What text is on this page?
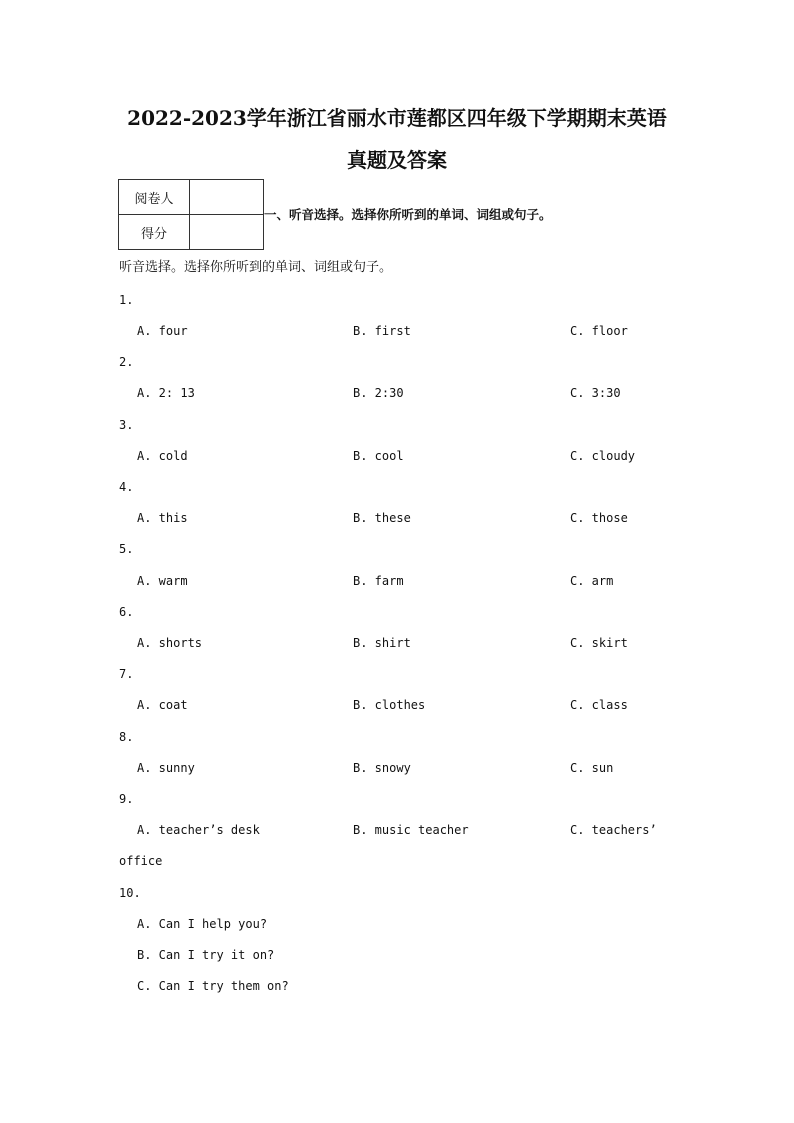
2022-2023学年浙江省丽水市莲都区四年级下学期期末英语
真题及答案
阅卷人	
得分	
一、听音选择。选择你所听到的单词、词组或句子。
听音选择。选择你所听到的单词、词组或句子。
1.
A. four	B. first	C. floor
2.
A. 2: 13	B. 2:30	C. 3:30
3.
A. cold	B. cool	C. cloudy
4.
A. this	B. these	C. those
5.
A. warm	B. farm	C. arm
6.
A. shorts	B. shirt	C. skirt
7.
A. coat	B. clothes	C. class
8.
A. sunny	B. snowy	C. sun
9.
A. teacher’s desk	B. music teacher	C. teachers’
office
10.
A. Can I help you?
B. Can I try it on?
C. Can I try them on?
